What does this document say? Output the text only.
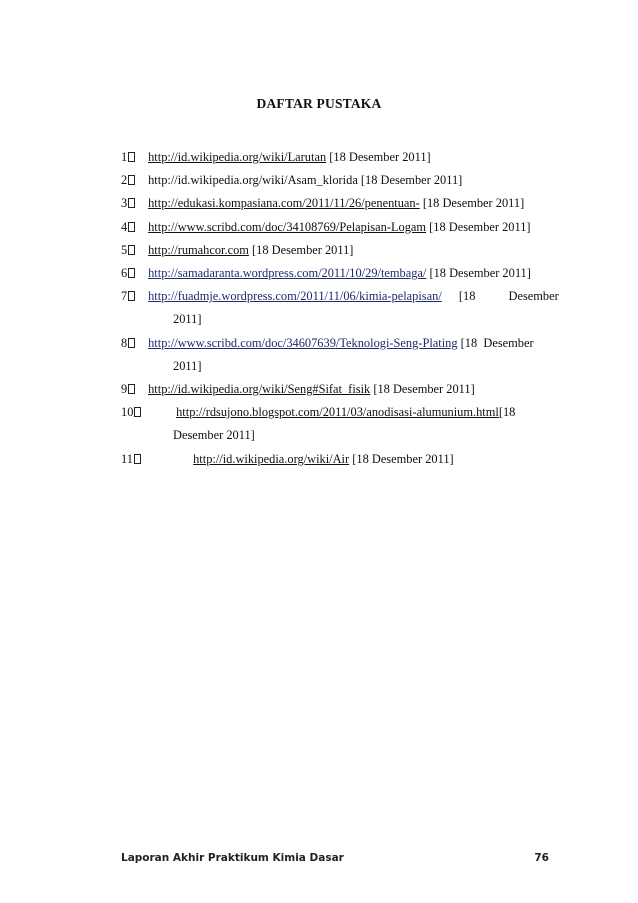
DAFTAR PUSTAKA
1 http://id.wikipedia.org/wiki/Larutan [18 Desember 2011]
2 http://id.wikipedia.org/wiki/Asam_klorida [18 Desember 2011]
3 http://edukasi.kompasiana.com/2011/11/26/penentuan- [18 Desember 2011]
4 http://www.scribd.com/doc/34108769/Pelapisan-Logam [18 Desember 2011]
5 http://rumahcor.com [18 Desember 2011]
6 http://samadaranta.wordpress.com/2011/10/29/tembaga/ [18 Desember 2011]
7 http://fuadmje.wordpress.com/2011/11/06/kimia-pelapisan/ [18	Desember
2011]
8 http://www.scribd.com/doc/34607639/Teknologi-Seng-Plating [18  Desember
2011]
9 http://id.wikipedia.org/wiki/Seng#Sifat_fisik [18 Desember 2011]
10	http://rdsujono.blogspot.com/2011/03/anodisasi-alumunium.html[18
Desember 2011]
11	http://id.wikipedia.org/wiki/Air [18 Desember 2011]
Laporan Akhir Praktikum Kimia Dasar	76
